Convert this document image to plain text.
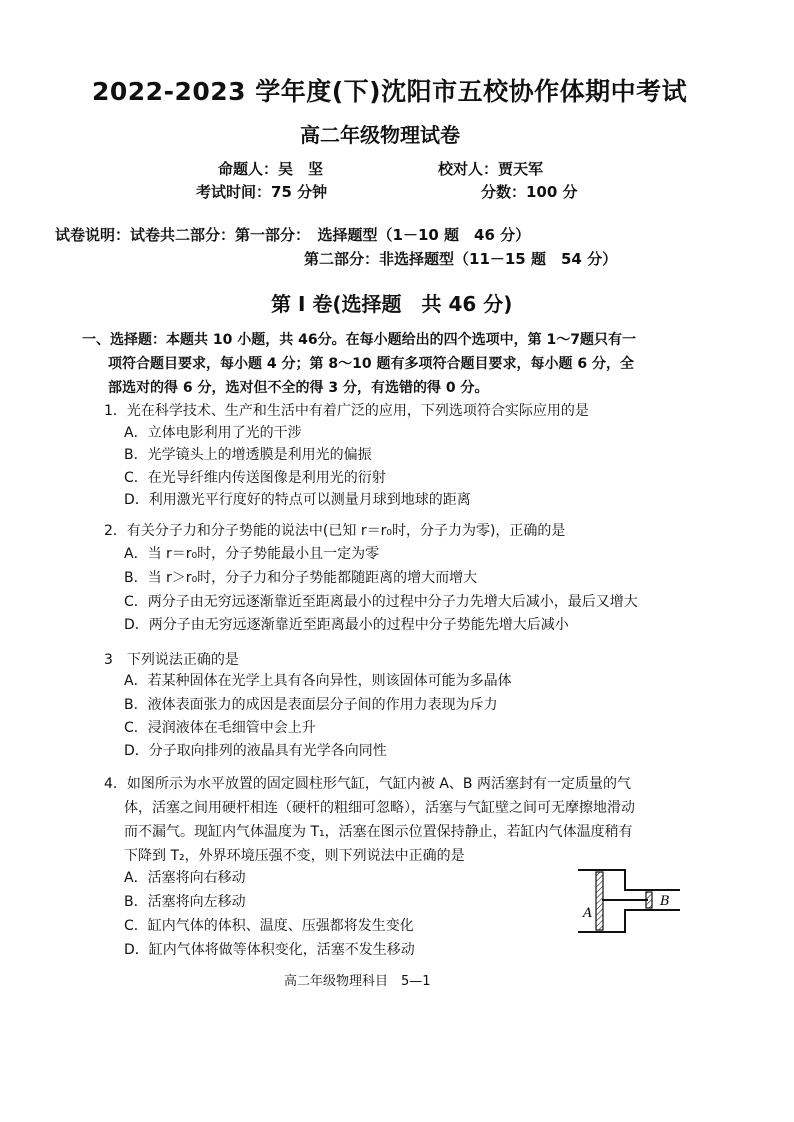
2022-2023 学年度(下)沈阳市五校协作体期中考试
高二年级物理试卷
命题人：吴　坚	校对人：贾天军
考试时间：75 分钟	分数：100 分
试卷说明：试卷共二部分：第一部分：　选择题型（1－10 题　46 分）
第二部分：非选择题型（11－15 题　54 分）
第 I 卷(选择题　共 46 分)
一、选择题：本题共 10 小题，共 46分。在每小题给出的四个选项中，第 1～7题只有一
项符合题目要求，每小题 4 分；第 8～10 题有多项符合题目要求，每小题 6 分，全
部选对的得 6 分，选对但不全的得 3 分，有选错的得 0 分。
1．光在科学技术、生产和生活中有着广泛的应用，下列选项符合实际应用的是
A．立体电影利用了光的干涉
B．光学镜头上的增透膜是利用光的偏振
C．在光导纤维内传送图像是利用光的衍射
D．利用激光平行度好的特点可以测量月球到地球的距离
2．有关分子力和分子势能的说法中(已知 r＝r₀时，分子力为零)，正确的是
A．当 r＝r₀时，分子势能最小且一定为零
B．当 r＞r₀时，分子力和分子势能都随距离的增大而增大
C．两分子由无穷远逐渐靠近至距离最小的过程中分子力先增大后减小，最后又增大
D．两分子由无穷远逐渐靠近至距离最小的过程中分子势能先增大后减小
3　下列说法正确的是
A．若某种固体在光学上具有各向异性，则该固体可能为多晶体
B．液体表面张力的成因是表面层分子间的作用力表现为斥力
C．浸润液体在毛细管中会上升
D．分子取向排列的液晶具有光学各向同性
4．如图所示为水平放置的固定圆柱形气缸，气缸内被 A、B 两活塞封有一定质量的气
体，活塞之间用硬杆相连（硬杆的粗细可忽略），活塞与气缸壁之间可无摩擦地滑动
而不漏气。现缸内气体温度为 T₁，活塞在图示位置保持静止，若缸内气体温度稍有
下降到 T₂，外界环境压强不变，则下列说法中正确的是
A．活塞将向右移动
B．活塞将向左移动
C．缸内气体的体积、温度、压强都将发生变化
D．缸内气体将做等体积变化，活塞不发生移动
A
B
高二年级物理科目　5—1
